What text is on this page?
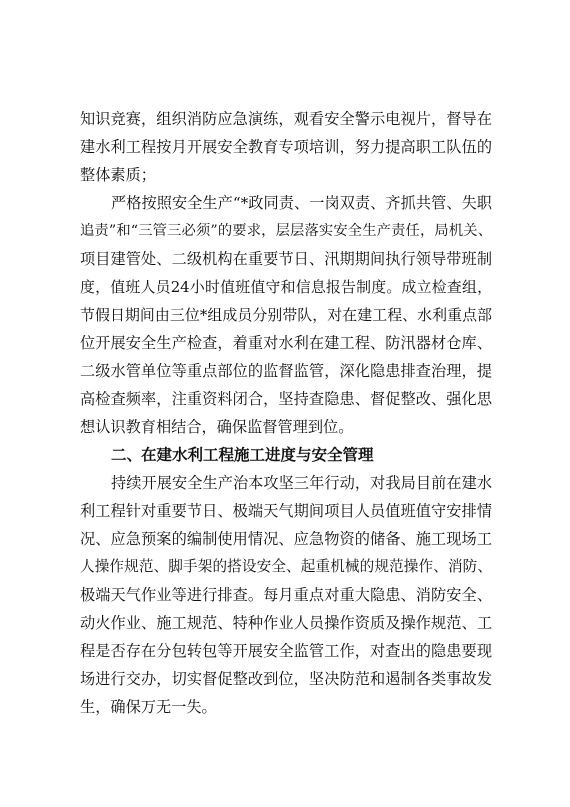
知识竞赛，组织消防应急演练，观看安全警示电视片，督导在
建水利工程按月开展安全教育专项培训，努力提高职工队伍的
整体素质；
严格按照安全生产“*政同责、一岗双责、齐抓共管、失职
追责”和“三管三必须”的要求，层层落实安全生产责任，局机关、
项目建管处、二级机构在重要节日、汛期期间执行领导带班制
度，值班人员24小时值班值守和信息报告制度。成立检查组，
节假日期间由三位*组成员分别带队，对在建工程、水利重点部
位开展安全生产检查，着重对水利在建工程、防汛器材仓库、
二级水管单位等重点部位的监督监管，深化隐患排查治理，提
高检查频率，注重资料闭合，坚持查隐患、督促整改、强化思
想认识教育相结合，确保监督管理到位。
二、在建水利工程施工进度与安全管理
持续开展安全生产治本攻坚三年行动，对我局目前在建水
利工程针对重要节日、极端天气期间项目人员值班值守安排情
况、应急预案的编制使用情况、应急物资的储备、施工现场工
人操作规范、脚手架的搭设安全、起重机械的规范操作、消防、
极端天气作业等进行排查。每月重点对重大隐患、消防安全、
动火作业、施工规范、特种作业人员操作资质及操作规范、工
程是否存在分包转包等开展安全监管工作，对查出的隐患要现
场进行交办，切实督促整改到位，坚决防范和遏制各类事故发
生，确保万无一失。
